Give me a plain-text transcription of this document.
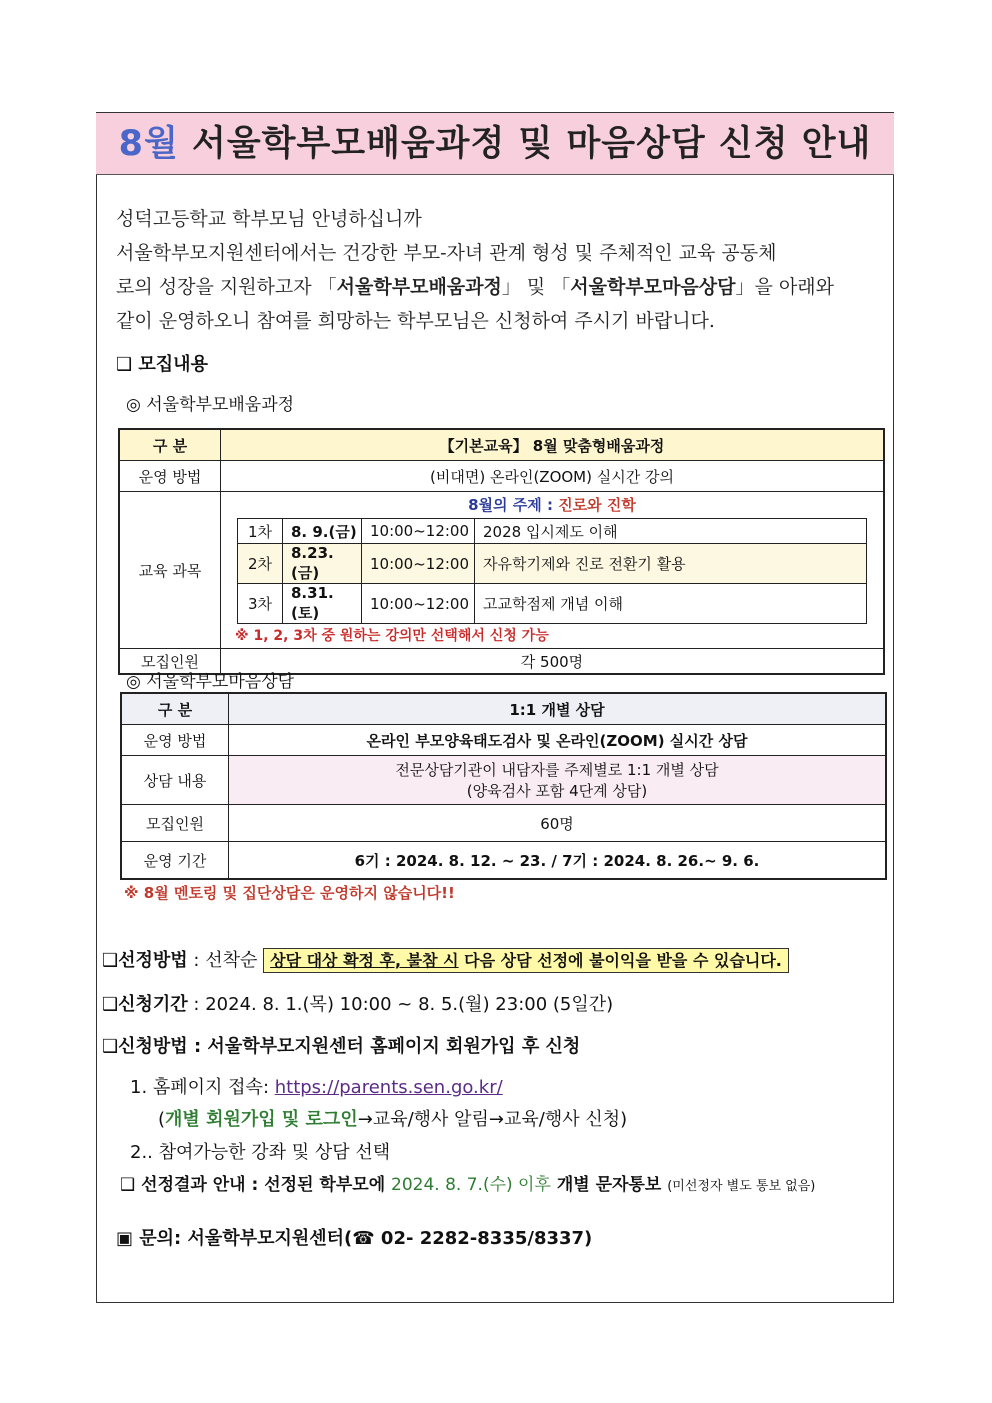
8월 서울학부모배움과정 및 마음상담 신청 안내

성덕고등학교 학부모님 안녕하십니까

서울학부모지원센터에서는 건강한 부모-자녀 관계 형성 및 주체적인 교육 공동체

로의 성장을 지원하고자 「서울학부모배움과정」 및 「서울학부모마음상담」을 아래와

같이 운영하오니 참여를 희망하는 학부모님은 신청하여 주시기 바랍니다.

❑ 모집내용
◎ 서울학부모배움과정
구 분	【기본교육】 8월 맞춤형배움과정
운영 방법	(비대면) 온라인(ZOOM) 실시간 강의
교육 과목	
8월의 주제 : 진로와 진학
1차	8. 9.(금)	10:00~12:00	2028 입시제도 이해
2차	8.23.(금)	10:00~12:00	자유학기제와 진로 전환기 활용
3차	8.31.(토)	10:00~12:00	고교학점제 개념 이해
※ 1, 2, 3차 중 원하는 강의만 선택해서 신청 가능

모집인원	각 500명
◎ 서울학부모마음상담
구 분	1:1 개별 상담
운영 방법	온라인 부모양육태도검사 및 온라인(ZOOM) 실시간 상담
상담 내용	전문상담기관이 내담자를 주제별로 1:1 개별 상담
(양육검사 포함 4단계 상담)

모집인원	60명
운영 기간	6기 : 2024. 8. 12. ~ 23. / 7기 : 2024. 8. 26.~ 9. 6.
※ 8월 멘토링 및 집단상담은 운영하지 않습니다!!
❑선정방법 : 선착순 상담 대상 확정 후, 불참 시 다음 상담 선정에 불이익을 받을 수 있습니다.
❑신청기간 : 2024. 8. 1.(목) 10:00 ~ 8. 5.(월) 23:00 (5일간)
❑신청방법 : 서울학부모지원센터 홈페이지 회원가입 후 신청
1. 홈페이지 접속: https://parents.sen.go.kr/
(개별 회원가입 및 로그인→교육/행사 알림→교육/행사 신청)
2.. 참여가능한 강좌 및 상담 선택
❑ 선정결과 안내 : 선정된 학부모에 2024. 8. 7.(수) 이후 개별 문자통보 (미선정자 별도 통보 없음)
▣ 문의: 서울학부모지원센터(☎ 02- 2282-8335/8337)
